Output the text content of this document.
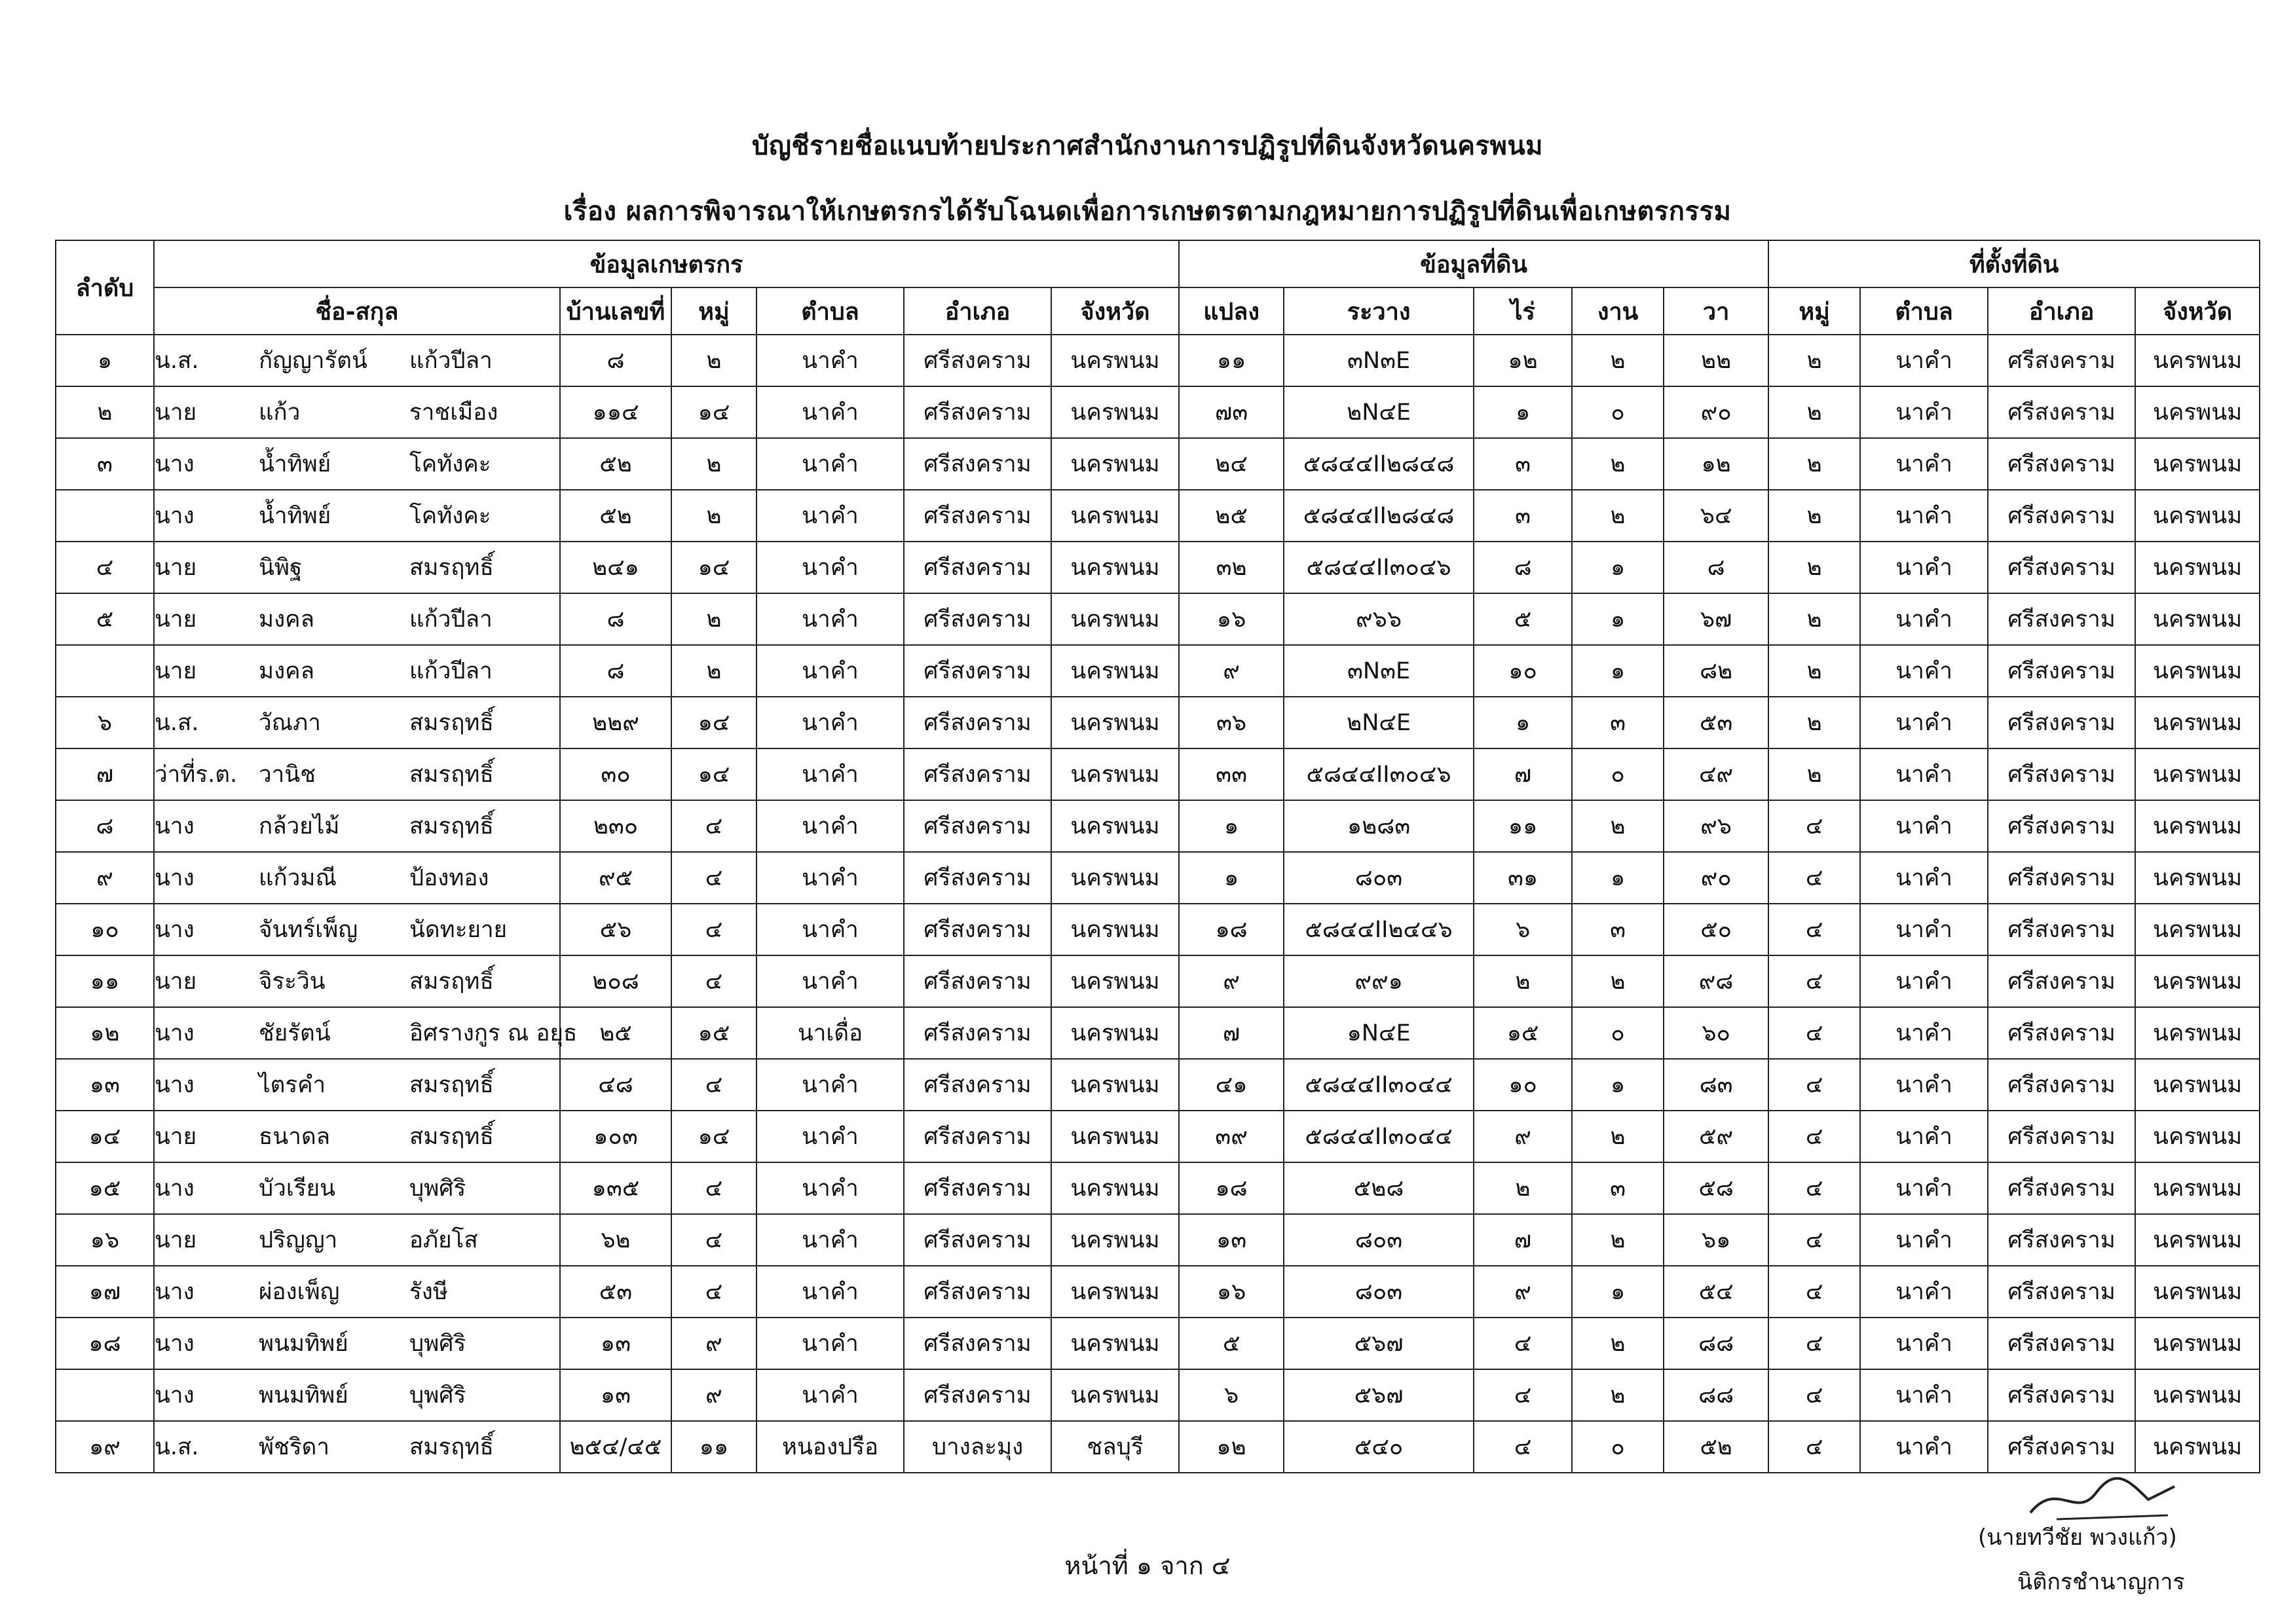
บัญชีรายชื่อแนบท้ายประกาศสำนักงานการปฏิรูปที่ดินจังหวัดนครพนม
เรื่อง ผลการพิจารณาให้เกษตรกรได้รับโฉนดเพื่อการเกษตรตามกฎหมายการปฏิรูปที่ดินเพื่อเกษตรกรรม
ลำดับ	ข้อมูลเกษตรกร								ข้อมูลที่ดิน					ที่ตั้งที่ดิน			
	ชื่อ-สกุล			บ้านเลขที่	หมู่	ตำบล	อำเภอ	จังหวัด									
									แปลง	ระวาง	ไร่	งาน	วา	หมู่	ตำบล	อำเภอ	จังหวัด
๑	น.ส.	กัญญารัตน์	แก้วปีลา	๘	๒	นาคำ	ศรีสงคราม	นครพนม	๑๑	๓N๓E	๑๒	๒	๒๒	๒	นาคำ	ศรีสงคราม	นครพนม
๒	นาย	แก้ว	ราชเมือง	๑๑๔	๑๔	นาคำ	ศรีสงคราม	นครพนม	๗๓	๒N๔E	๑	๐	๙๐	๒	นาคำ	ศรีสงคราม	นครพนม
๓	นาง	น้ำทิพย์	โคทังคะ	๕๒	๒	นาคำ	ศรีสงคราม	นครพนม	๒๔	๕๘๔๔II๒๘๔๘	๓	๒	๑๒	๒	นาคำ	ศรีสงคราม	นครพนม
	นาง	น้ำทิพย์	โคทังคะ	๕๒	๒	นาคำ	ศรีสงคราม	นครพนม	๒๕	๕๘๔๔II๒๘๔๘	๓	๒	๖๔	๒	นาคำ	ศรีสงคราม	นครพนม
๔	นาย	นิพิฐ	สมรฤทธิ์	๒๔๑	๑๔	นาคำ	ศรีสงคราม	นครพนม	๓๒	๕๘๔๔II๓๐๔๖	๘	๑	๘	๒	นาคำ	ศรีสงคราม	นครพนม
๕	นาย	มงคล	แก้วปีลา	๘	๒	นาคำ	ศรีสงคราม	นครพนม	๑๖	๙๖๖	๕	๑	๖๗	๒	นาคำ	ศรีสงคราม	นครพนม
	นาย	มงคล	แก้วปีลา	๘	๒	นาคำ	ศรีสงคราม	นครพนม	๙	๓N๓E	๑๐	๑	๘๒	๒	นาคำ	ศรีสงคราม	นครพนม
๖	น.ส.	วัณภา	สมรฤทธิ์	๒๒๙	๑๔	นาคำ	ศรีสงคราม	นครพนม	๓๖	๒N๔E	๑	๓	๕๓	๒	นาคำ	ศรีสงคราม	นครพนม
๗	ว่าที่ร.ต.	วานิช	สมรฤทธิ์	๓๐	๑๔	นาคำ	ศรีสงคราม	นครพนม	๓๓	๕๘๔๔II๓๐๔๖	๗	๐	๔๙	๒	นาคำ	ศรีสงคราม	นครพนม
๘	นาง	กล้วยไม้	สมรฤทธิ์	๒๓๐	๔	นาคำ	ศรีสงคราม	นครพนม	๑	๑๒๘๓	๑๑	๒	๙๖	๔	นาคำ	ศรีสงคราม	นครพนม
๙	นาง	แก้วมณี	ป้องทอง	๙๕	๔	นาคำ	ศรีสงคราม	นครพนม	๑	๘๐๓	๓๑	๑	๙๐	๔	นาคำ	ศรีสงคราม	นครพนม
๑๐	นาง	จันทร์เพ็ญ	นัดทะยาย	๕๖	๔	นาคำ	ศรีสงคราม	นครพนม	๑๘	๕๘๔๔II๒๔๔๖	๖	๓	๕๐	๔	นาคำ	ศรีสงคราม	นครพนม
๑๑	นาย	จิระวิน	สมรฤทธิ์	๒๐๘	๔	นาคำ	ศรีสงคราม	นครพนม	๙	๙๙๑	๒	๒	๙๘	๔	นาคำ	ศรีสงคราม	นครพนม
๑๒	นาง	ชัยรัตน์	อิศรางกูร ณ อยุธ	๒๕	๑๕	นาเดื่อ	ศรีสงคราม	นครพนม	๗	๑N๔E	๑๕	๐	๖๐	๔	นาคำ	ศรีสงคราม	นครพนม
๑๓	นาง	ไตรคำ	สมรฤทธิ์	๔๘	๔	นาคำ	ศรีสงคราม	นครพนม	๔๑	๕๘๔๔II๓๐๔๔	๑๐	๑	๘๓	๔	นาคำ	ศรีสงคราม	นครพนม
๑๔	นาย	ธนาดล	สมรฤทธิ์	๑๐๓	๑๔	นาคำ	ศรีสงคราม	นครพนม	๓๙	๕๘๔๔II๓๐๔๔	๙	๒	๕๙	๔	นาคำ	ศรีสงคราม	นครพนม
๑๕	นาง	บัวเรียน	บุพศิริ	๑๓๕	๔	นาคำ	ศรีสงคราม	นครพนม	๑๘	๕๒๘	๒	๓	๕๘	๔	นาคำ	ศรีสงคราม	นครพนม
๑๖	นาย	ปริญญา	อภัยโส	๖๒	๔	นาคำ	ศรีสงคราม	นครพนม	๑๓	๘๐๓	๗	๒	๖๑	๔	นาคำ	ศรีสงคราม	นครพนม
๑๗	นาง	ผ่องเพ็ญ	รังษี	๕๓	๔	นาคำ	ศรีสงคราม	นครพนม	๑๖	๘๐๓	๙	๑	๕๔	๔	นาคำ	ศรีสงคราม	นครพนม
๑๘	นาง	พนมทิพย์	บุพศิริ	๑๓	๙	นาคำ	ศรีสงคราม	นครพนม	๕	๕๖๗	๔	๒	๘๘	๔	นาคำ	ศรีสงคราม	นครพนม
	นาง	พนมทิพย์	บุพศิริ	๑๓	๙	นาคำ	ศรีสงคราม	นครพนม	๖	๕๖๗	๔	๒	๘๘	๔	นาคำ	ศรีสงคราม	นครพนม
๑๙	น.ส.	พัชริดา	สมรฤทธิ์	๒๕๔/๔๕	๑๑	หนองปรือ	บางละมุง	ชลบุรี	๑๒	๕๔๐	๔	๐	๕๒	๔	นาคำ	ศรีสงคราม	นครพนม
หน้าที่ ๑ จาก ๔
(นายทวีชัย พวงแก้ว)
นิติกรชำนาญการ
